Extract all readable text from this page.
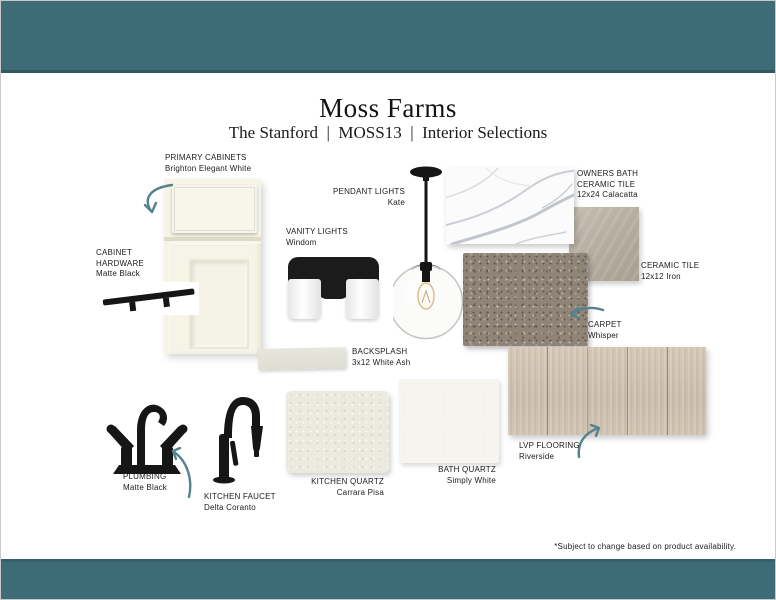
Moss Farms
The Stanford  |  MOSS13  |  Interior Selections
PRIMARY CABINETS
Brighton Elegant White
CABINET HARDWARE
Matte Black
VANITY LIGHTS
Windom
PENDANT LIGHTS
Kate
OWNERS BATH CERAMIC TILE
12x24 Calacatta
CERAMIC TILE
12x12 Iron
CARPET
Whisper
BACKSPLASH
3x12 White Ash
LVP FLOORING
Riverside
KITCHEN QUARTZ
Carrara Pisa
BATH QUARTZ
Simply White
PLUMBING
Matte Black
KITCHEN FAUCET
Delta Coranto
*Subject to change based on product availability.
